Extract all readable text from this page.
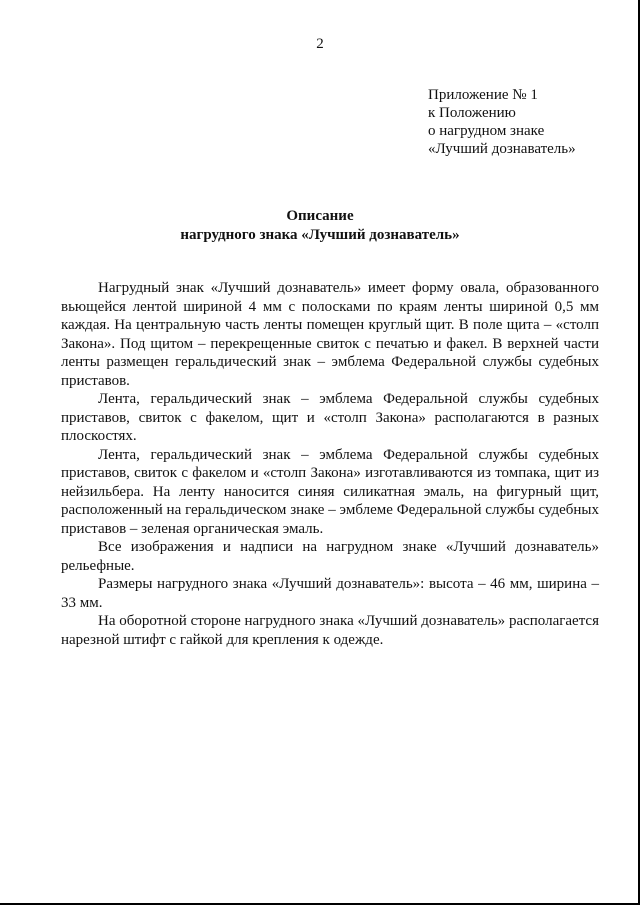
2
Приложение № 1
к Положению
о нагрудном знаке
«Лучший дознаватель»
Описание
нагрудного знака «Лучший дознаватель»

Нагрудный знак «Лучший дознаватель» имеет форму овала, образованного вьющейся лентой шириной 4 мм с полосками по краям ленты шириной 0,5 мм каждая. На центральную часть ленты помещен круглый щит. В поле щита – «столп Закона». Под щитом – перекрещенные свиток с печатью и факел. В верхней части ленты размещен геральдический знак – эмблема Федеральной службы судебных приставов.

Лента, геральдический знак – эмблема Федеральной службы судебных приставов, свиток с факелом, щит и «столп Закона» располагаются в разных плоскостях.

Лента, геральдический знак – эмблема Федеральной службы судебных приставов, свиток с факелом и «столп Закона» изготавливаются из томпака, щит из нейзильбера. На ленту наносится синяя силикатная эмаль, на фигурный щит, расположенный на геральдическом знаке – эмблеме Федеральной службы судебных приставов – зеленая органическая эмаль.

Все изображения и надписи на нагрудном знаке «Лучший дознаватель» рельефные.

Размеры нагрудного знака «Лучший дознаватель»: высота – 46 мм, ширина – 33 мм.

На оборотной стороне нагрудного знака «Лучший дознаватель» располагается нарезной штифт с гайкой для крепления к одежде.
